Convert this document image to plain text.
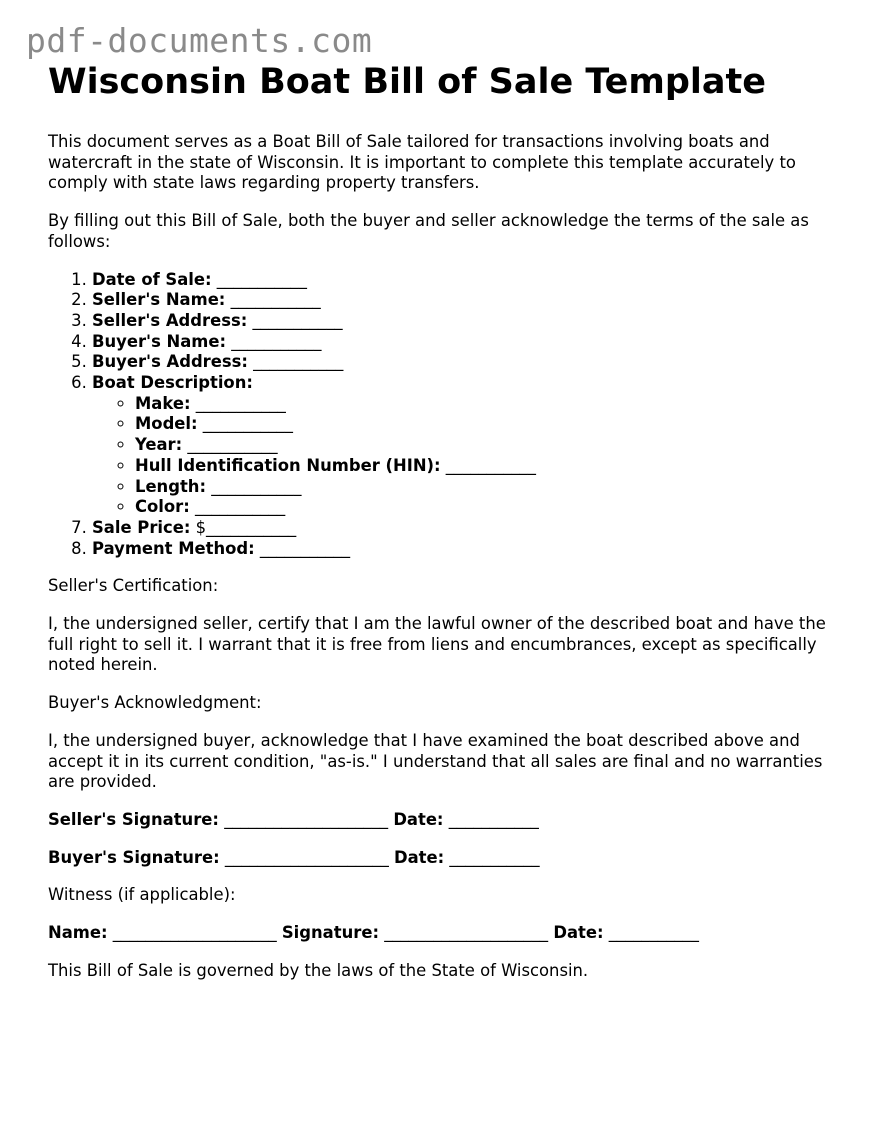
pdf-documents.com
Wisconsin Boat Bill of Sale Template

This document serves as a Boat Bill of Sale tailored for transactions involving boats and watercraft in the state of Wisconsin. It is important to complete this template accurately to comply with state laws regarding property transfers.

By filling out this Bill of Sale, both the buyer and seller acknowledge the terms of the sale as follows:

1. Date of Sale: ___________
2. Seller's Name: ___________
3. Seller's Address: ___________
4. Buyer's Name: ___________
5. Buyer's Address: ___________
6. Boat Description:
◦ Make: ___________
◦ Model: ___________
◦ Year: ___________
◦ Hull Identification Number (HIN): ___________
◦ Length: ___________
◦ Color: ___________
7. Sale Price: $___________
8. Payment Method: ___________

Seller's Certification:

I, the undersigned seller, certify that I am the lawful owner of the described boat and have the full right to sell it. I warrant that it is free from liens and encumbrances, except as specifically noted herein.

Buyer's Acknowledgment:

I, the undersigned buyer, acknowledge that I have examined the boat described above and accept it in its current condition, "as-is." I understand that all sales are final and no warranties are provided.

Seller's Signature: ____________________ Date: ___________
Buyer's Signature: ____________________ Date: ___________

Witness (if applicable):

Name: ____________________ Signature: ____________________ Date: ___________

This Bill of Sale is governed by the laws of the State of Wisconsin.
